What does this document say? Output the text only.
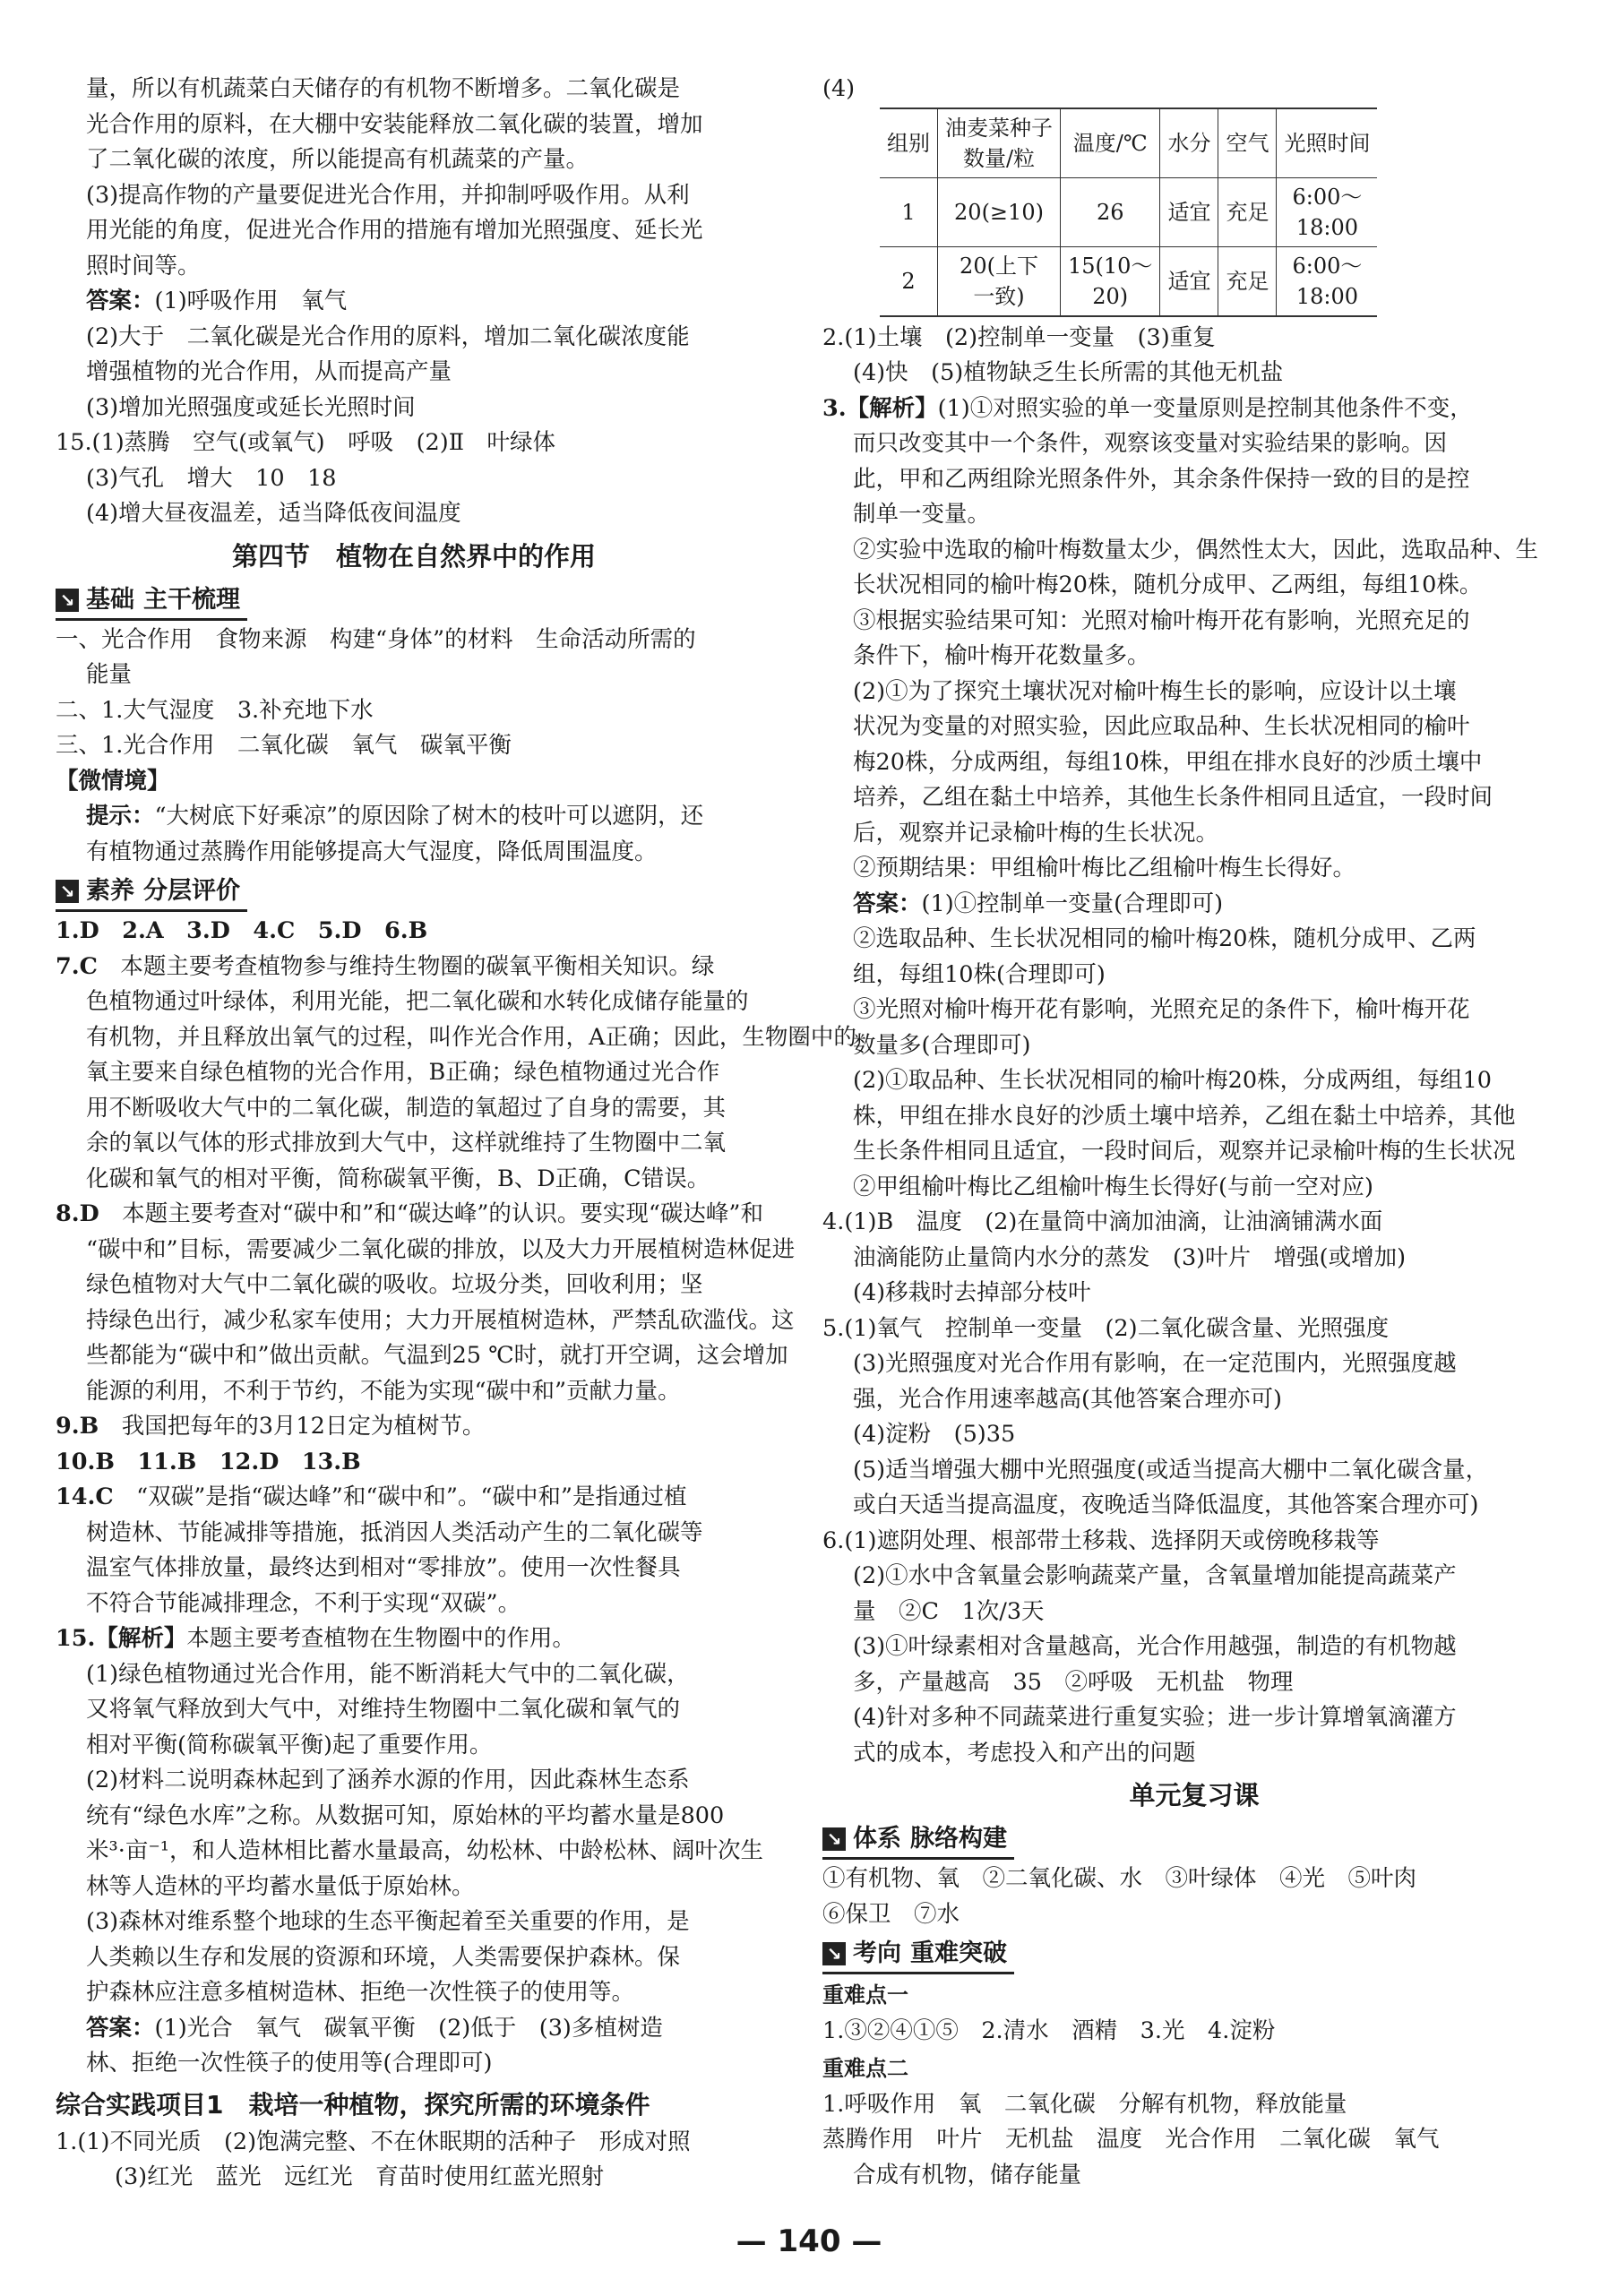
量，所以有机蔬菜白天储存的有机物不断增多。二氧化碳是

光合作用的原料，在大棚中安装能释放二氧化碳的装置，增加

了二氧化碳的浓度，所以能提高有机蔬菜的产量。

(3)提高作物的产量要促进光合作用，并抑制呼吸作用。从利

用光能的角度，促进光合作用的措施有增加光照强度、延长光

照时间等。

答案：(1)呼吸作用　氧气

(2)大于　二氧化碳是光合作用的原料，增加二氧化碳浓度能

增强植物的光合作用，从而提高产量

(3)增加光照强度或延长光照时间

15.(1)蒸腾　空气(或氧气)　呼吸　(2)Ⅱ　叶绿体

(3)气孔　增大　10　18

(4)增大昼夜温差，适当降低夜间温度

第四节　植物在自然界中的作用
↘ 基础 主干梳理

一、光合作用　食物来源　构建“身体”的材料　生命活动所需的

能量

二、1.大气湿度　3.补充地下水

三、1.光合作用　二氧化碳　氧气　碳氧平衡

【微情境】

提示：“大树底下好乘凉”的原因除了树木的枝叶可以遮阴，还

有植物通过蒸腾作用能够提高大气湿度，降低周围温度。

↘ 素养 分层评价

1.D　2.A　3.D　4.C　5.D　6.B

7.C　本题主要考查植物参与维持生物圈的碳氧平衡相关知识。绿

色植物通过叶绿体，利用光能，把二氧化碳和水转化成储存能量的

有机物，并且释放出氧气的过程，叫作光合作用，A正确；因此，生物圈中的

氧主要来自绿色植物的光合作用，B正确；绿色植物通过光合作

用不断吸收大气中的二氧化碳，制造的氧超过了自身的需要，其

余的氧以气体的形式排放到大气中，这样就维持了生物圈中二氧

化碳和氧气的相对平衡，简称碳氧平衡，B、D正确，C错误。

8.D　本题主要考查对“碳中和”和“碳达峰”的认识。要实现“碳达峰”和

“碳中和”目标，需要减少二氧化碳的排放，以及大力开展植树造林促进

绿色植物对大气中二氧化碳的吸收。垃圾分类，回收利用；坚

持绿色出行，减少私家车使用；大力开展植树造林，严禁乱砍滥伐。这

些都能为“碳中和”做出贡献。气温到25 ℃时，就打开空调，这会增加

能源的利用，不利于节约，不能为实现“碳中和”贡献力量。

9.B　我国把每年的3月12日定为植树节。

10.B　11.B　12.D　13.B

14.C　“双碳”是指“碳达峰”和“碳中和”。“碳中和”是指通过植

树造林、节能减排等措施，抵消因人类活动产生的二氧化碳等

温室气体排放量，最终达到相对“零排放”。使用一次性餐具

不符合节能减排理念，不利于实现“双碳”。

15.【解析】本题主要考查植物在生物圈中的作用。

(1)绿色植物通过光合作用，能不断消耗大气中的二氧化碳，

又将氧气释放到大气中，对维持生物圈中二氧化碳和氧气的

相对平衡(简称碳氧平衡)起了重要作用。

(2)材料二说明森林起到了涵养水源的作用，因此森林生态系

统有“绿色水库”之称。从数据可知，原始林的平均蓄水量是800

米³·亩⁻¹，和人造林相比蓄水量最高，幼松林、中龄松林、阔叶次生

林等人造林的平均蓄水量低于原始林。

(3)森林对维系整个地球的生态平衡起着至关重要的作用，是

人类赖以生存和发展的资源和环境，人类需要保护森林。保

护森林应注意多植树造林、拒绝一次性筷子的使用等。

答案：(1)光合　氧气　碳氧平衡　(2)低于　(3)多植树造

林、拒绝一次性筷子的使用等(合理即可)

综合实践项目1　栽培一种植物，探究所需的环境条件

1.(1)不同光质　(2)饱满完整、不在休眠期的活种子　形成对照

(3)红光　蓝光　远红光　育苗时使用红蓝光照射

(4)

组别	油麦菜种子
数量/粒	温度/℃	水分	空气	光照时间
1	20(≥10)	26	适宜	充足	6:00～
18:00
2	20(上下
一致)	15(10～
20)	适宜	充足	6:00～
18:00

2.(1)土壤　(2)控制单一变量　(3)重复

(4)快　(5)植物缺乏生长所需的其他无机盐

3.【解析】(1)①对照实验的单一变量原则是控制其他条件不变，

而只改变其中一个条件，观察该变量对实验结果的影响。因

此，甲和乙两组除光照条件外，其余条件保持一致的目的是控

制单一变量。

②实验中选取的榆叶梅数量太少，偶然性太大，因此，选取品种、生

长状况相同的榆叶梅20株，随机分成甲、乙两组，每组10株。

③根据实验结果可知：光照对榆叶梅开花有影响，光照充足的

条件下，榆叶梅开花数量多。

(2)①为了探究土壤状况对榆叶梅生长的影响，应设计以土壤

状况为变量的对照实验，因此应取品种、生长状况相同的榆叶

梅20株，分成两组，每组10株，甲组在排水良好的沙质土壤中

培养，乙组在黏土中培养，其他生长条件相同且适宜，一段时间

后，观察并记录榆叶梅的生长状况。

②预期结果：甲组榆叶梅比乙组榆叶梅生长得好。

答案：(1)①控制单一变量(合理即可)

②选取品种、生长状况相同的榆叶梅20株，随机分成甲、乙两

组，每组10株(合理即可)

③光照对榆叶梅开花有影响，光照充足的条件下，榆叶梅开花

数量多(合理即可)

(2)①取品种、生长状况相同的榆叶梅20株，分成两组，每组10

株，甲组在排水良好的沙质土壤中培养，乙组在黏土中培养，其他

生长条件相同且适宜，一段时间后，观察并记录榆叶梅的生长状况

②甲组榆叶梅比乙组榆叶梅生长得好(与前一空对应)

4.(1)B　温度　(2)在量筒中滴加油滴，让油滴铺满水面

油滴能防止量筒内水分的蒸发　(3)叶片　增强(或增加)

(4)移栽时去掉部分枝叶

5.(1)氧气　控制单一变量　(2)二氧化碳含量、光照强度

(3)光照强度对光合作用有影响，在一定范围内，光照强度越

强，光合作用速率越高(其他答案合理亦可)

(4)淀粉　(5)35

(5)适当增强大棚中光照强度(或适当提高大棚中二氧化碳含量，

或白天适当提高温度，夜晚适当降低温度，其他答案合理亦可)

6.(1)遮阴处理、根部带土移栽、选择阴天或傍晚移栽等

(2)①水中含氧量会影响蔬菜产量，含氧量增加能提高蔬菜产

量　②C　1次/3天

(3)①叶绿素相对含量越高，光合作用越强，制造的有机物越

多，产量越高　35　②呼吸　无机盐　物理

(4)针对多种不同蔬菜进行重复实验；进一步计算增氧滴灌方

式的成本，考虑投入和产出的问题

单元复习课
↘ 体系 脉络构建

①有机物、氧　②二氧化碳、水　③叶绿体　④光　⑤叶肉

⑥保卫　⑦水

↘ 考向 重难突破

重难点一

1.③②④①⑤　2.清水　酒精　3.光　4.淀粉

重难点二

1.呼吸作用　氧　二氧化碳　分解有机物，释放能量

蒸腾作用　叶片　无机盐　温度　光合作用　二氧化碳　氧气

合成有机物，储存能量

— 140 —
